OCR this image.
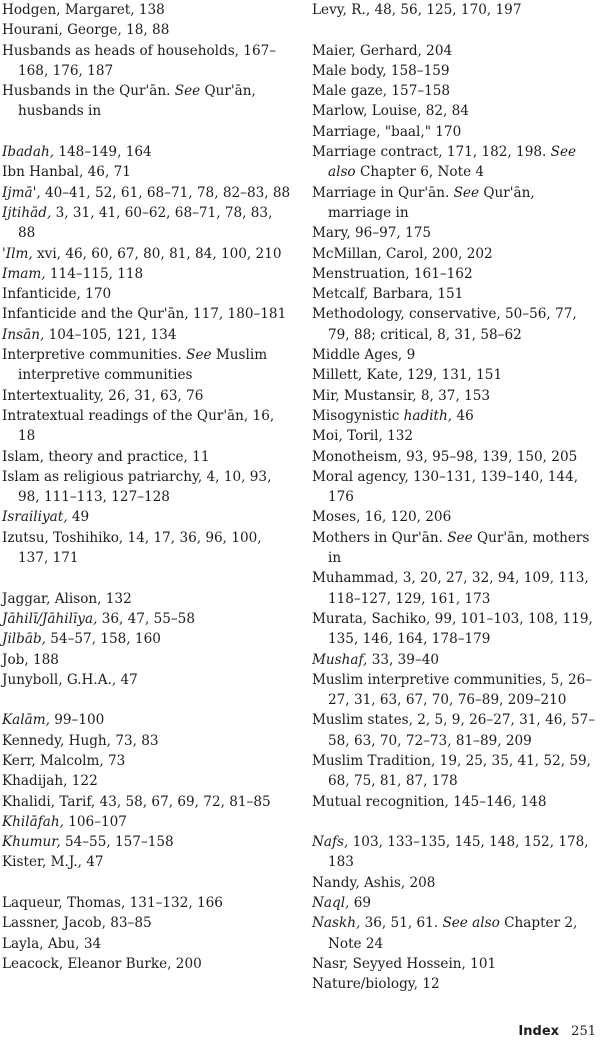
Hodgen, Margaret, 138

Hourani, George, 18, 88

Husbands as heads of households, 167–168, 176, 187

Husbands in the Qur'ān. See Qur'ān, husbands in

Ibadah, 148–149, 164

Ibn Hanbal, 46, 71

Ijmā', 40–41, 52, 61, 68–71, 78, 82–83, 88

Ijtihād, 3, 31, 41, 60–62, 68–71, 78, 83, 88

'Ilm, xvi, 46, 60, 67, 80, 81, 84, 100, 210

Imam, 114–115, 118

Infanticide, 170

Infanticide and the Qur'ān, 117, 180–181

Insān, 104–105, 121, 134

Interpretive communities. See Muslim interpretive communities

Intertextuality, 26, 31, 63, 76

Intratextual readings of the Qur'ān, 16, 18

Islam, theory and practice, 11

Islam as religious patriarchy, 4, 10, 93, 98, 111–113, 127–128

Israiliyat, 49

Izutsu, Toshihiko, 14, 17, 36, 96, 100, 137, 171

Jaggar, Alison, 132

Jāhilī/Jāhilīya, 36, 47, 55–58

Jilbāb, 54–57, 158, 160

Job, 188

Junyboll, G.H.A., 47

Kalām, 99–100

Kennedy, Hugh, 73, 83

Kerr, Malcolm, 73

Khadijah, 122

Khalidi, Tarif, 43, 58, 67, 69, 72, 81–85

Khilāfah, 106–107

Khumur, 54–55, 157–158

Kister, M.J., 47

Laqueur, Thomas, 131–132, 166

Lassner, Jacob, 83–85

Layla, Abu, 34

Leacock, Eleanor Burke, 200

Levy, R., 48, 56, 125, 170, 197

Maier, Gerhard, 204

Male body, 158–159

Male gaze, 157–158

Marlow, Louise, 82, 84

Marriage, "baal," 170

Marriage contract, 171, 182, 198. See also Chapter 6, Note 4

Marriage in Qur'ān. See Qur'ān, marriage in

Mary, 96–97, 175

McMillan, Carol, 200, 202

Menstruation, 161–162

Metcalf, Barbara, 151

Methodology, conservative, 50–56, 77, 79, 88; critical, 8, 31, 58–62

Middle Ages, 9

Millett, Kate, 129, 131, 151

Mir, Mustansir, 8, 37, 153

Misogynistic hadith, 46

Moi, Toril, 132

Monotheism, 93, 95–98, 139, 150, 205

Moral agency, 130–131, 139–140, 144, 176

Moses, 16, 120, 206

Mothers in Qur'ān. See Qur'ān, mothers in

Muhammad, 3, 20, 27, 32, 94, 109, 113, 118–127, 129, 161, 173

Murata, Sachiko, 99, 101–103, 108, 119, 135, 146, 164, 178–179

Mushaf, 33, 39–40

Muslim interpretive communities, 5, 26–27, 31, 63, 67, 70, 76–89, 209–210

Muslim states, 2, 5, 9, 26–27, 31, 46, 57–58, 63, 70, 72–73, 81–89, 209

Muslim Tradition, 19, 25, 35, 41, 52, 59, 68, 75, 81, 87, 178

Mutual recognition, 145–146, 148

Nafs, 103, 133–135, 145, 148, 152, 178, 183

Nandy, Ashis, 208

Naql, 69

Naskh, 36, 51, 61. See also Chapter 2, Note 24

Nasr, Seyyed Hossein, 101

Nature/biology, 12

Index 251
